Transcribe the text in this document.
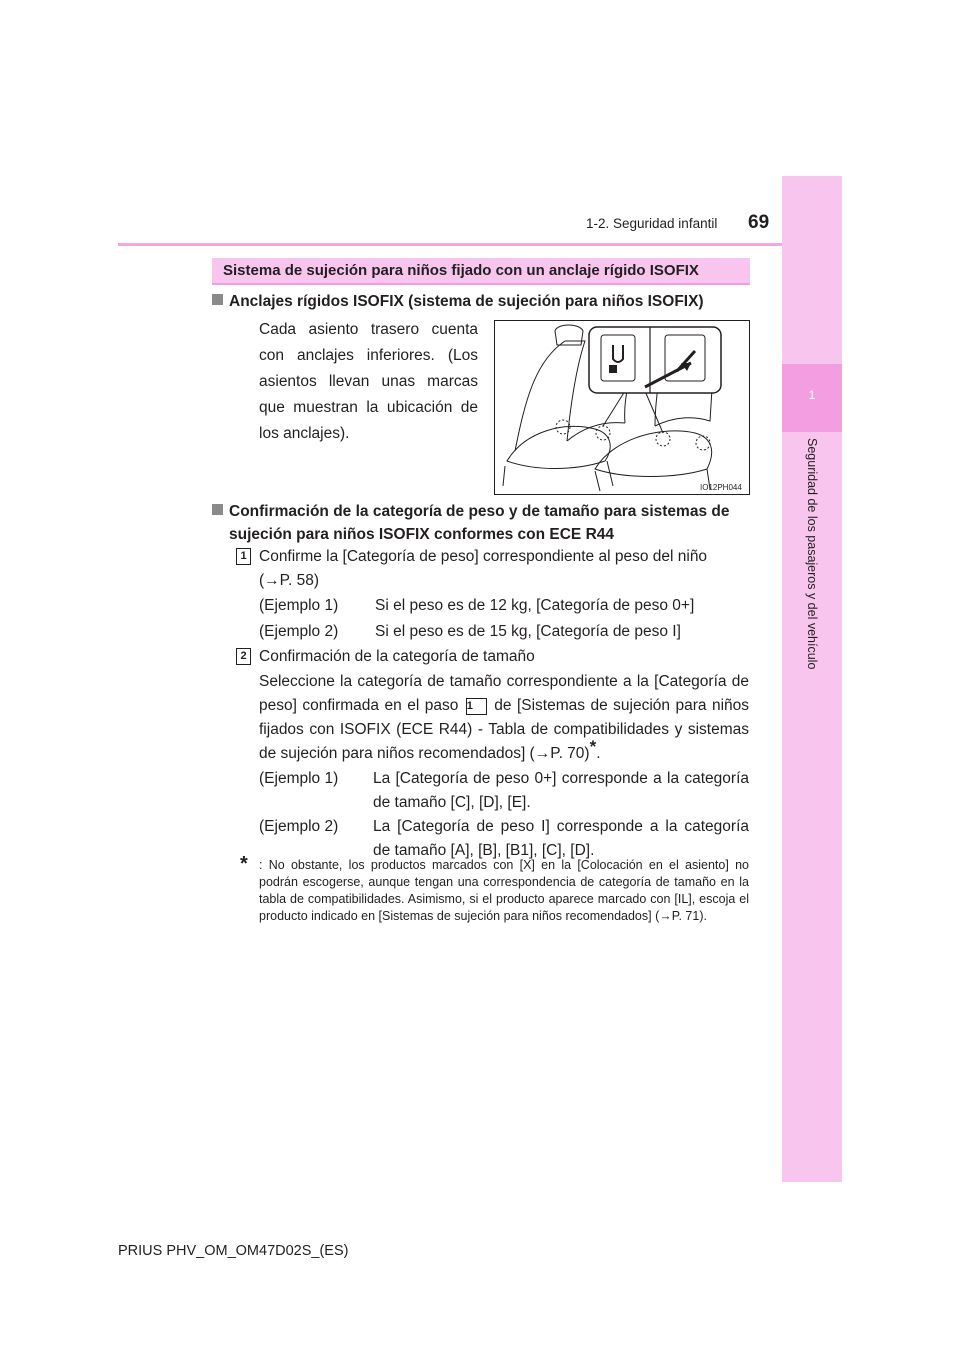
1
Seguridad de los pasajeros y del vehículo
1-2. Seguridad infantil 69
Sistema de sujeción para niños fijado con un anclaje rígido ISOFIX
Anclajes rígidos ISOFIX (sistema de sujeción para niños ISOFIX)
Cada asiento trasero cuenta con anclajes inferiores. (Los asientos llevan unas marcas que muestran la ubicación de los anclajes).
IO12PH044
Confirmación de la categoría de peso y de tamaño para sistemas de
sujeción para niños ISOFIX conformes con ECE R44
1 Confirme la [Categoría de peso] correspondiente al peso del niño
(→P. 58)
(Ejemplo 1) Si el peso es de 12 kg, [Categoría de peso 0+]
(Ejemplo 2) Si el peso es de 15 kg, [Categoría de peso I]
2 Confirmación de la categoría de tamaño
Seleccione la categoría de tamaño correspondiente a la [Categoría de peso] confirmada en el paso 1 de [Sistemas de sujeción para niños fijados con ISOFIX (ECE R44) - Tabla de compatibilidades y sistemas de sujeción para niños recomendados] (→P. 70)*.
(Ejemplo 1) La [Categoría de peso 0+] corresponde a la categoría de tamaño [C], [D], [E].
(Ejemplo 2) La [Categoría de peso I] corresponde a la categoría de tamaño [A], [B], [B1], [C], [D].
* : No obstante, los productos marcados con [X] en la [Colocación en el asiento] no podrán escogerse, aunque tengan una correspondencia de categoría de tamaño en la tabla de compatibilidades. Asimismo, si el producto aparece marcado con [IL], escoja el producto indicado en [Sistemas de sujeción para niños recomendados] (→P. 71).
PRIUS PHV_OM_OM47D02S_(ES)
